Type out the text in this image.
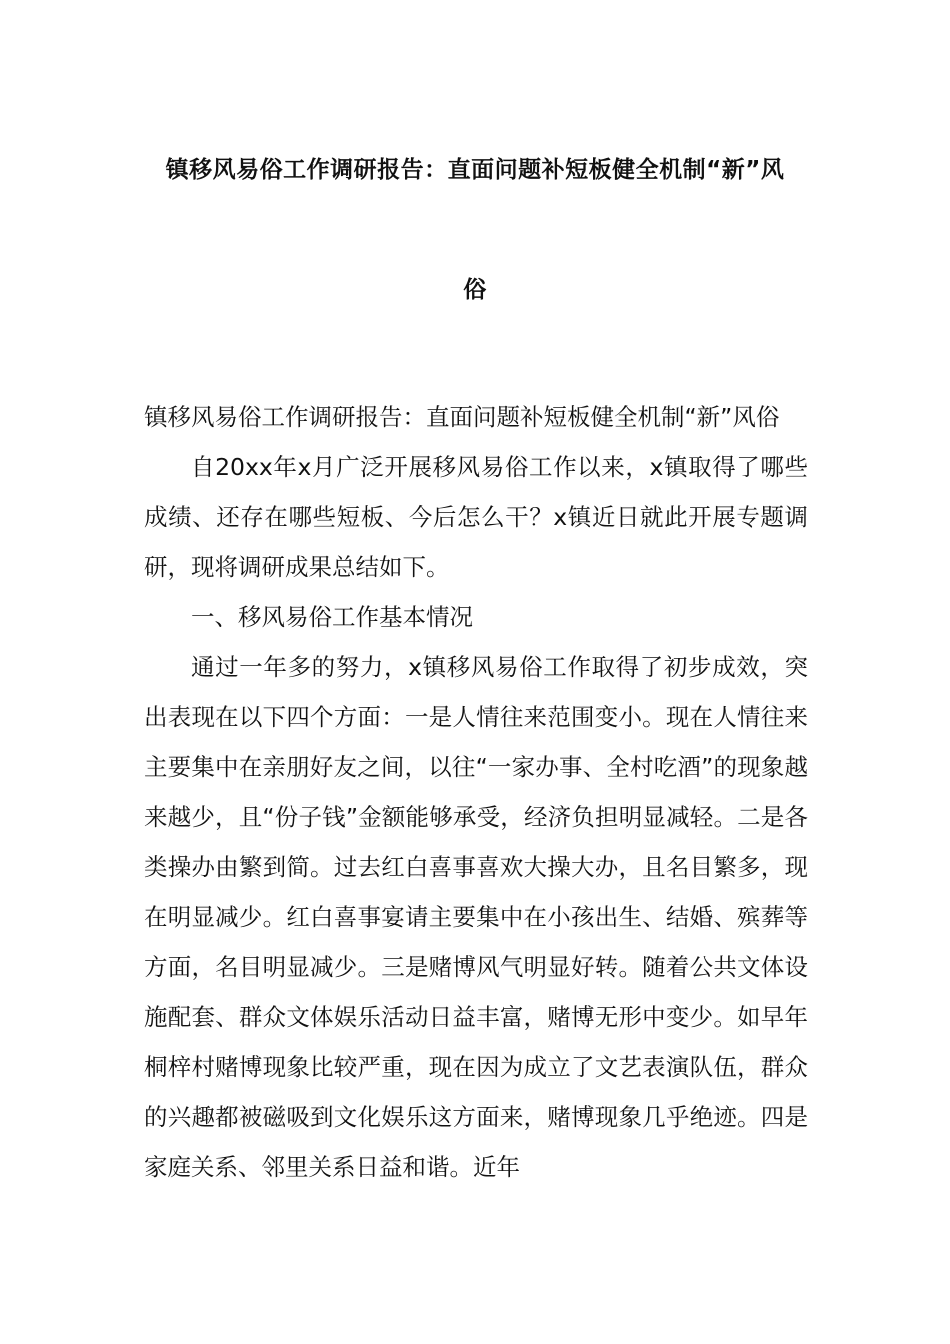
镇移风易俗工作调研报告：直面问题补短板健全机制“新”风
俗

镇移风易俗工作调研报告：直面问题补短板健全机制“新”风俗

自20xx年x月广泛开展移风易俗工作以来，x镇取得了哪些成绩、还存在哪些短板、今后怎么干？x镇近日就此开展专题调研，现将调研成果总结如下。

一、移风易俗工作基本情况

通过一年多的努力，x镇移风易俗工作取得了初步成效，突出表现在以下四个方面：一是人情往来范围变小。现在人情往来主要集中在亲朋好友之间，以往“一家办事、全村吃酒”的现象越来越少，且“份子钱”金额能够承受，经济负担明显减轻。二是各类操办由繁到简。过去红白喜事喜欢大操大办，且名目繁多，现在明显减少。红白喜事宴请主要集中在小孩出生、结婚、殡葬等方面，名目明显减少。三是赌博风气明显好转。随着公共文体设施配套、群众文体娱乐活动日益丰富，赌博无形中变少。如早年桐梓村赌博现象比较严重，现在因为成立了文艺表演队伍，群众的兴趣都被磁吸到文化娱乐这方面来，赌博现象几乎绝迹。四是家庭关系、邻里关系日益和谐。近年
